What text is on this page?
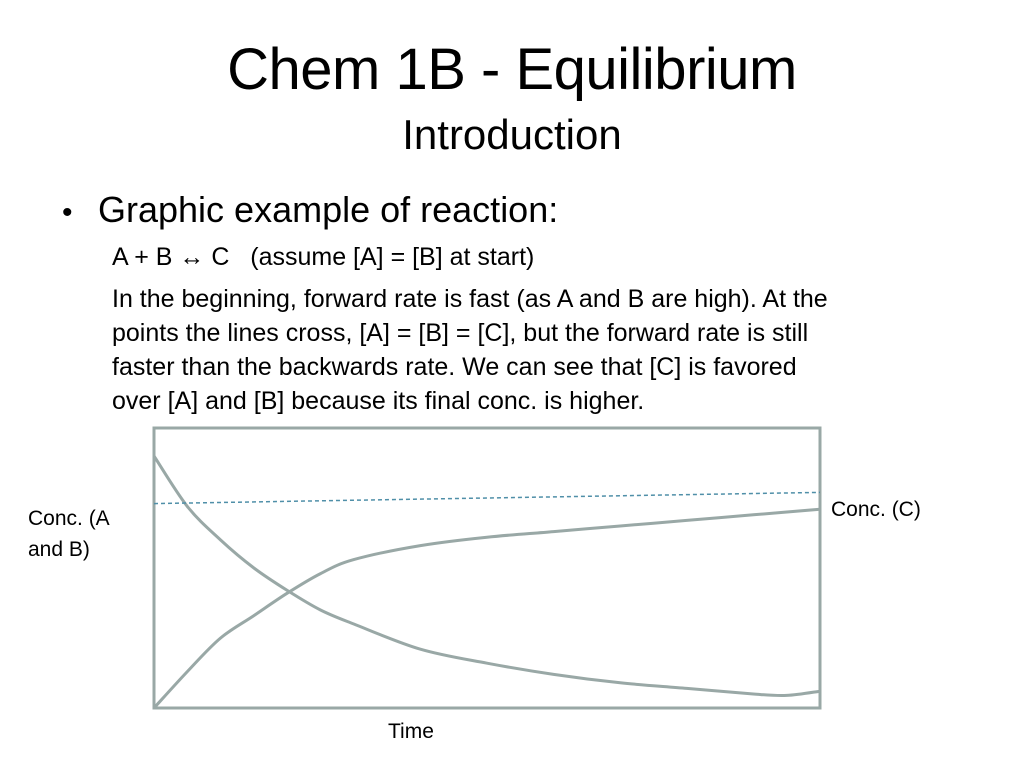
Chem 1B - Equilibrium
Introduction
• Graphic example of reaction:
A + B ↔ C   (assume [A] = [B] at start)
In the beginning, forward rate is fast (as A and B are high). At the
points the lines cross, [A] = [B] = [C], but the forward rate is still
faster than the backwards rate. We can see that [C] is favored
over [A] and [B] because its final conc. is higher.
Conc. (A and B)
Conc. (C)
Time
